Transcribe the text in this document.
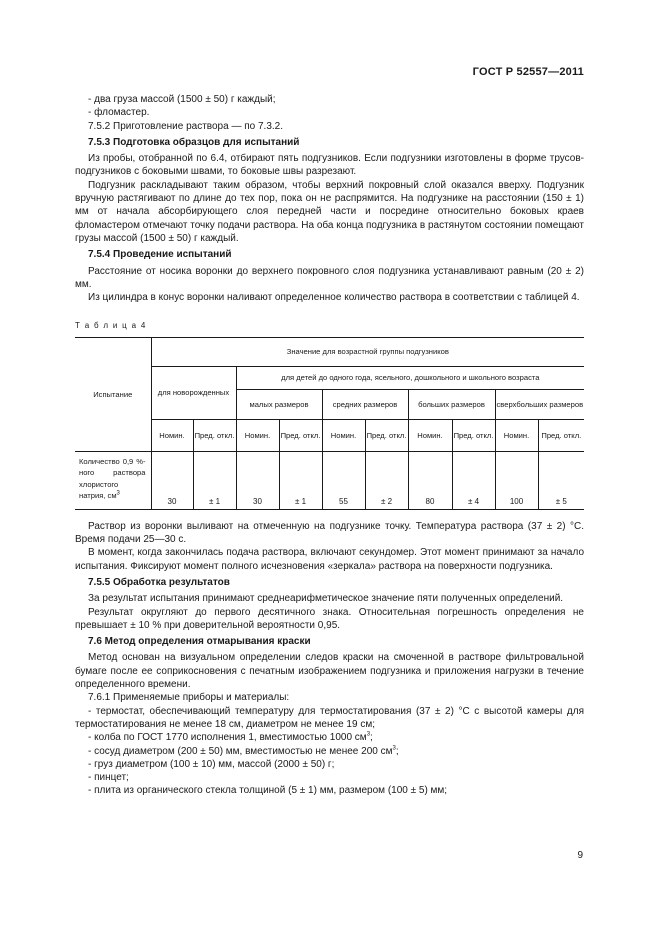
ГОСТ Р 52557—2011

- два груза массой (1500 ± 50) г каждый;

- фломастер.

7.5.2 Приготовление раствора — по 7.3.2.

7.5.3 Подготовка образцов для испытаний

Из пробы, отобранной по 6.4, отбирают пять подгузников. Если подгузники изготовлены в форме трусов-подгузников с боковыми швами, то боковые швы разрезают.

Подгузник раскладывают таким образом, чтобы верхний покровный слой оказался вверху. Подгузник вручную растягивают по длине до тех пор, пока он не распрямится. На подгузнике на расстоянии (150 ± 1) мм от начала абсорбирующего слоя передней части и посредине относительно боковых краев фломастером отмечают точку подачи раствора. На оба конца подгузника в растянутом состоянии помещают грузы массой (1500 ± 50) г каждый.

7.5.4 Проведение испытаний

Расстояние от носика воронки до верхнего покровного слоя подгузника устанавливают равным (20 ± 2) мм.

Из цилиндра в конус воронки наливают определенное количество раствора в соответствии с таблицей 4.

Т а б л и ц а 4

Испытание	Значение для возрастной группы подгузников									
	для новорожденных		для детей до одного года, ясельного, дошкольного и школьного возраста							
			малых размеров		средних размеров		больших размеров		сверхбольших размеров	
	Номин.	Пред. откл.	Номин.	Пред. откл.	Номин.	Пред. откл.	Номин.	Пред. откл.	Номин.	Пред. откл.
Количество 0,9 %-ного раствора хлористого натрия, $см^3$	30	± 1	30	± 1	55	± 2	80	± 4	100	± 5

Раствор из воронки выливают на отмеченную на подгузнике точку. Температура раствора (37 ± 2) °С. Время подачи 25—30 с.

В момент, когда закончилась подача раствора, включают секундомер. Этот момент принимают за начало испытания. Фиксируют момент полного исчезновения «зеркала» раствора на поверхности подгузника.

7.5.5 Обработка результатов

За результат испытания принимают среднеарифметическое значение пяти полученных определений.

Результат округляют до первого десятичного знака. Относительная погрешность определения не превышает ± 10 % при доверительной вероятности 0,95.

7.6 Метод определения отмарывания краски

Метод основан на визуальном определении следов краски на смоченной в растворе фильтровальной бумаге после ее соприкосновения с печатным изображением подгузника и приложения нагрузки в течение определенного времени.

7.6.1 Применяемые приборы и материалы:

- термостат, обеспечивающий температуру для термостатирования (37 ± 2) °С с высотой камеры для термостатирования не менее 18 см, диаметром не менее 19 см;

- колба по ГОСТ 1770 исполнения 1, вместимостью 1000 $см^3$;

- сосуд диаметром (200 ± 50) мм, вместимостью не менее 200 $см^3$;

- груз диаметром (100 ± 10) мм, массой (2000 ± 50) г;

- пинцет;

- плита из органического стекла толщиной (5 ± 1) мм, размером (100 ± 5) мм;

9
